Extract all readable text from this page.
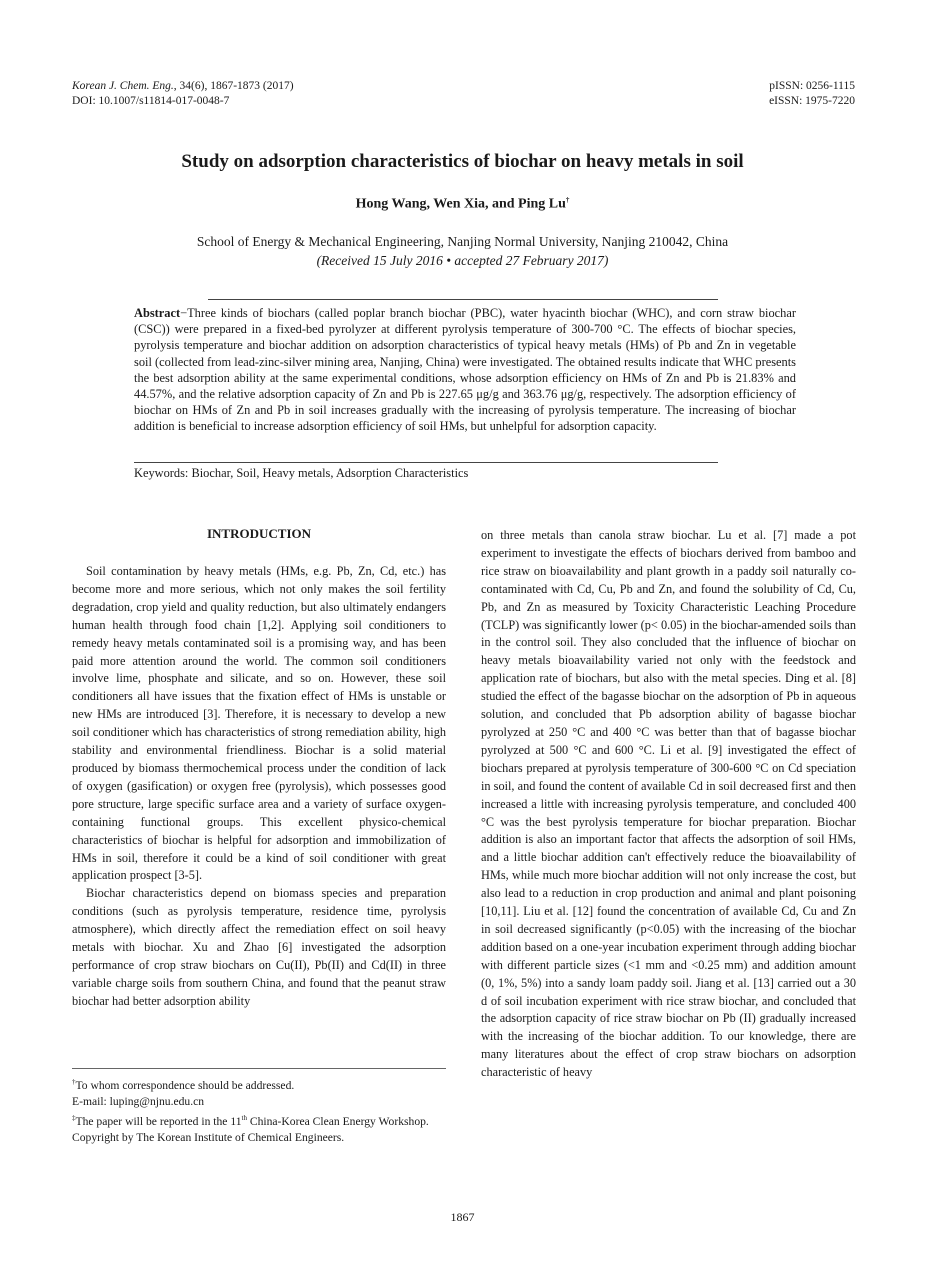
Korean J. Chem. Eng., 34(6), 1867-1873 (2017)
DOI: 10.1007/s11814-017-0048-7
pISSN: 0256-1115
eISSN: 1975-7220
Study on adsorption characteristics of biochar on heavy metals in soil
Hong Wang, Wen Xia, and Ping Lu†
School of Energy & Mechanical Engineering, Nanjing Normal University, Nanjing 210042, China
(Received 15 July 2016 • accepted 27 February 2017)
Abstract−Three kinds of biochars (called poplar branch biochar (PBC), water hyacinth biochar (WHC), and corn straw biochar (CSC)) were prepared in a fixed-bed pyrolyzer at different pyrolysis temperature of 300-700 °C. The effects of biochar species, pyrolysis temperature and biochar addition on adsorption characteristics of typical heavy metals (HMs) of Pb and Zn in vegetable soil (collected from lead-zinc-silver mining area, Nanjing, China) were investigated. The obtained results indicate that WHC presents the best adsorption ability at the same experimental conditions, whose adsorption efficiency on HMs of Zn and Pb is 21.83% and 44.57%, and the relative adsorption capacity of Zn and Pb is 227.65 μg/g and 363.76 μg/g, respectively. The adsorption efficiency of biochar on HMs of Zn and Pb in soil increases gradually with the increasing of pyrolysis temperature. The increasing of biochar addition is beneficial to increase adsorption efficiency of soil HMs, but unhelpful for adsorption capacity.
Keywords: Biochar, Soil, Heavy metals, Adsorption Characteristics
INTRODUCTION

Soil contamination by heavy metals (HMs, e.g. Pb, Zn, Cd, etc.) has become more and more serious, which not only makes the soil fertility degradation, crop yield and quality reduction, but also ultimately endangers human health through food chain [1,2]. Applying soil conditioners to remedy heavy metals contaminated soil is a promising way, and has been paid more attention around the world. The common soil conditioners involve lime, phosphate and silicate, and so on. However, these soil conditioners all have issues that the fixation effect of HMs is unstable or new HMs are introduced [3]. Therefore, it is necessary to develop a new soil conditioner which has characteristics of strong remediation ability, high stability and environmental friendliness. Biochar is a solid material produced by biomass thermochemical process under the condition of lack of oxygen (gasification) or oxygen free (pyrolysis), which possesses good pore structure, large specific surface area and a variety of surface oxygen-containing functional groups. This excellent physico-chemical characteristics of biochar is helpful for adsorption and immobilization of HMs in soil, therefore it could be a kind of soil conditioner with great application prospect [3-5].

Biochar characteristics depend on biomass species and preparation conditions (such as pyrolysis temperature, residence time, pyrolysis atmosphere), which directly affect the remediation effect on soil heavy metals with biochar. Xu and Zhao [6] investigated the adsorption performance of crop straw biochars on Cu(II), Pb(II) and Cd(II) in three variable charge soils from southern China, and found that the peanut straw biochar had better adsorption ability

on three metals than canola straw biochar. Lu et al. [7] made a pot experiment to investigate the effects of biochars derived from bamboo and rice straw on bioavailability and plant growth in a paddy soil naturally co-contaminated with Cd, Cu, Pb and Zn, and found the solubility of Cd, Cu, Pb, and Zn as measured by Toxicity Characteristic Leaching Procedure (TCLP) was significantly lower (p< 0.05) in the biochar-amended soils than in the control soil. They also concluded that the influence of biochar on heavy metals bioavailability varied not only with the feedstock and application rate of biochars, but also with the metal species. Ding et al. [8] studied the effect of the bagasse biochar on the adsorption of Pb in aqueous solution, and concluded that Pb adsorption ability of bagasse biochar pyrolyzed at 250 °C and 400 °C was better than that of bagasse biochar pyrolyzed at 500 °C and 600 °C. Li et al. [9] investigated the effect of biochars prepared at pyrolysis temperature of 300-600 °C on Cd speciation in soil, and found the content of available Cd in soil decreased first and then increased a little with increasing pyrolysis temperature, and concluded 400 °C was the best pyrolysis temperature for biochar preparation. Biochar addition is also an important factor that affects the adsorption of soil HMs, and a little biochar addition can't effectively reduce the bioavailability of HMs, while much more biochar addition will not only increase the cost, but also lead to a reduction in crop production and animal and plant poisoning [10,11]. Liu et al. [12] found the concentration of available Cd, Cu and Zn in soil decreased significantly (p<0.05) with the increasing of the biochar addition based on a one-year incubation experiment through adding biochar with different particle sizes (<1 mm and <0.25 mm) and addition amount (0, 1%, 5%) into a sandy loam paddy soil. Jiang et al. [13] carried out a 30 d of soil incubation experiment with rice straw biochar, and concluded that the adsorption capacity of rice straw biochar on Pb (II) gradually increased with the increasing of the biochar addition. To our knowledge, there are many literatures about the effect of crop straw biochars on adsorption characteristic of heavy

†To whom correspondence should be addressed.
E-mail: luping@njnu.edu.cn
‡The paper will be reported in the 11th China-Korea Clean Energy Workshop.
Copyright by The Korean Institute of Chemical Engineers.
1867
